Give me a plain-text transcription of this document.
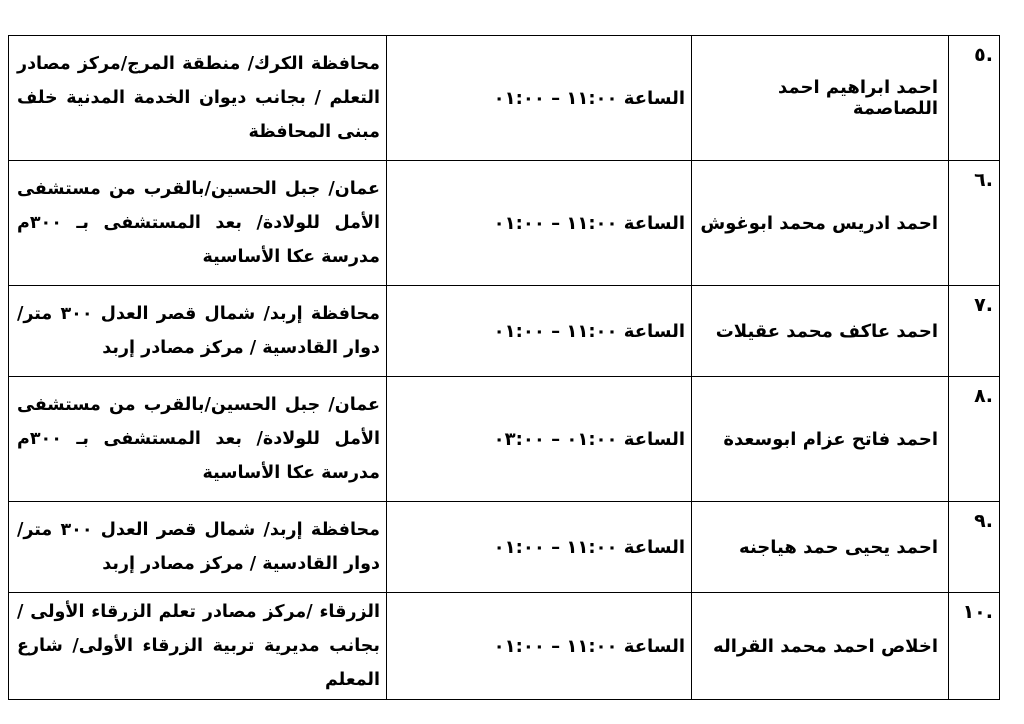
.٥	احمد ابراهيم احمد اللصاصمة	الساعة ١١:٠٠ – ٠١:٠٠	محافظة الكرك/ منطقة المرج/مركز مصادر التعلم / بجانب ديوان الخدمة المدنية خلف مبنى المحافظة
.٦	احمد ادريس محمد ابوغوش	الساعة ١١:٠٠ – ٠١:٠٠	عمان/ جبل الحسين/بالقرب من مستشفى الأمل للولادة/ بعد المستشفى بـ ٣٠٠م مدرسة عكا الأساسية
.٧	احمد عاكف محمد عقيلات	الساعة ١١:٠٠ – ٠١:٠٠	محافظة إربد/ شمال قصر العدل ٣٠٠ متر/ دوار القادسية / مركز مصادر إربد
.٨	احمد فاتح عزام ابوسعدة	الساعة ٠١:٠٠ – ٠٣:٠٠	عمان/ جبل الحسين/بالقرب من مستشفى الأمل للولادة/ بعد المستشفى بـ ٣٠٠م مدرسة عكا الأساسية
.٩	احمد يحيى حمد هياجنه	الساعة ١١:٠٠ – ٠١:٠٠	محافظة إربد/ شمال قصر العدل ٣٠٠ متر/ دوار القادسية / مركز مصادر إربد
.١٠	اخلاص احمد محمد القراله	الساعة ١١:٠٠ – ٠١:٠٠	الزرقاء /مركز مصادر تعلم الزرقاء الأولى /بجانب مديرية تربية الزرقاء الأولى/ شارع المعلم
